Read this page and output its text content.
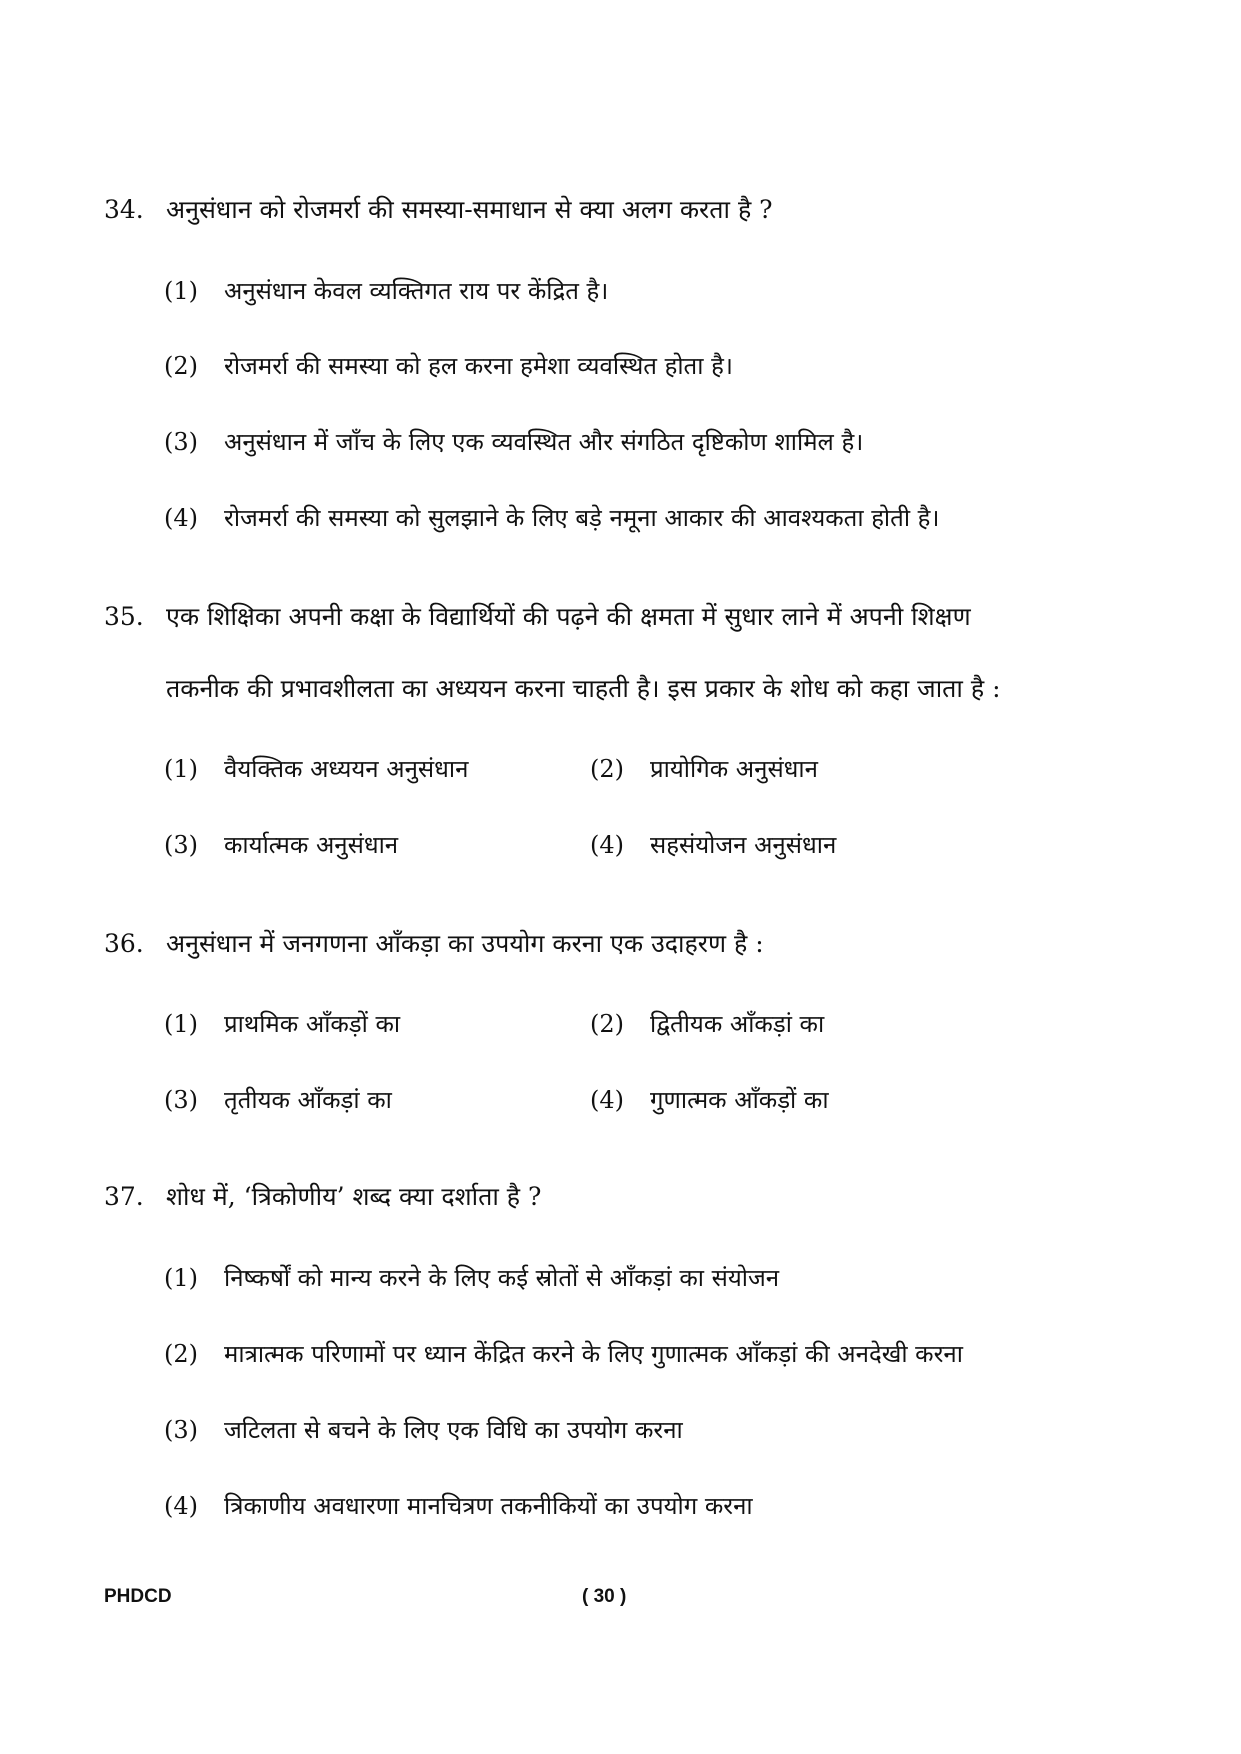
34. अनुसंधान को रोजमर्रा की समस्या-समाधान से क्या अलग करता है ?
(1)	अनुसंधान केवल व्यक्तिगत राय पर केंद्रित है।
(2)	रोजमर्रा की समस्या को हल करना हमेशा व्यवस्थित होता है।
(3)	अनुसंधान में जाँच के लिए एक व्यवस्थित और संगठित दृष्टिकोण शामिल है।
(4)	रोजमर्रा की समस्या को सुलझाने के लिए बड़े नमूना आकार की आवश्यकता होती है।
35. एक शिक्षिका अपनी कक्षा के विद्यार्थियों की पढ़ने की क्षमता में सुधार लाने में अपनी शिक्षण
तकनीक की प्रभावशीलता का अध्ययन करना चाहती है। इस प्रकार के शोध को कहा जाता है :
(1)	वैयक्तिक अध्ययन अनुसंधान	(2)	प्रायोगिक अनुसंधान
(3)	कार्यात्मक अनुसंधान	(4)	सहसंयोजन अनुसंधान
36. अनुसंधान में जनगणना आँकड़ा का उपयोग करना एक उदाहरण है :
(1)	प्राथमिक आँकड़ों का	(2)	द्वितीयक आँकड़ां का
(3)	तृतीयक आँकड़ां का	(4)	गुणात्मक आँकड़ों का
37. शोध में, ‘त्रिकोणीय’ शब्द क्या दर्शाता है ?
(1)	निष्कर्षों को मान्य करने के लिए कई स्रोतों से आँकड़ां का संयोजन
(2)	मात्रात्मक परिणामों पर ध्यान केंद्रित करने के लिए गुणात्मक आँकड़ां की अनदेखी करना
(3)	जटिलता से बचने के लिए एक विधि का उपयोग करना
(4)	त्रिकाणीय अवधारणा मानचित्रण तकनीकियों का उपयोग करना
PHDCD	( 30 )
